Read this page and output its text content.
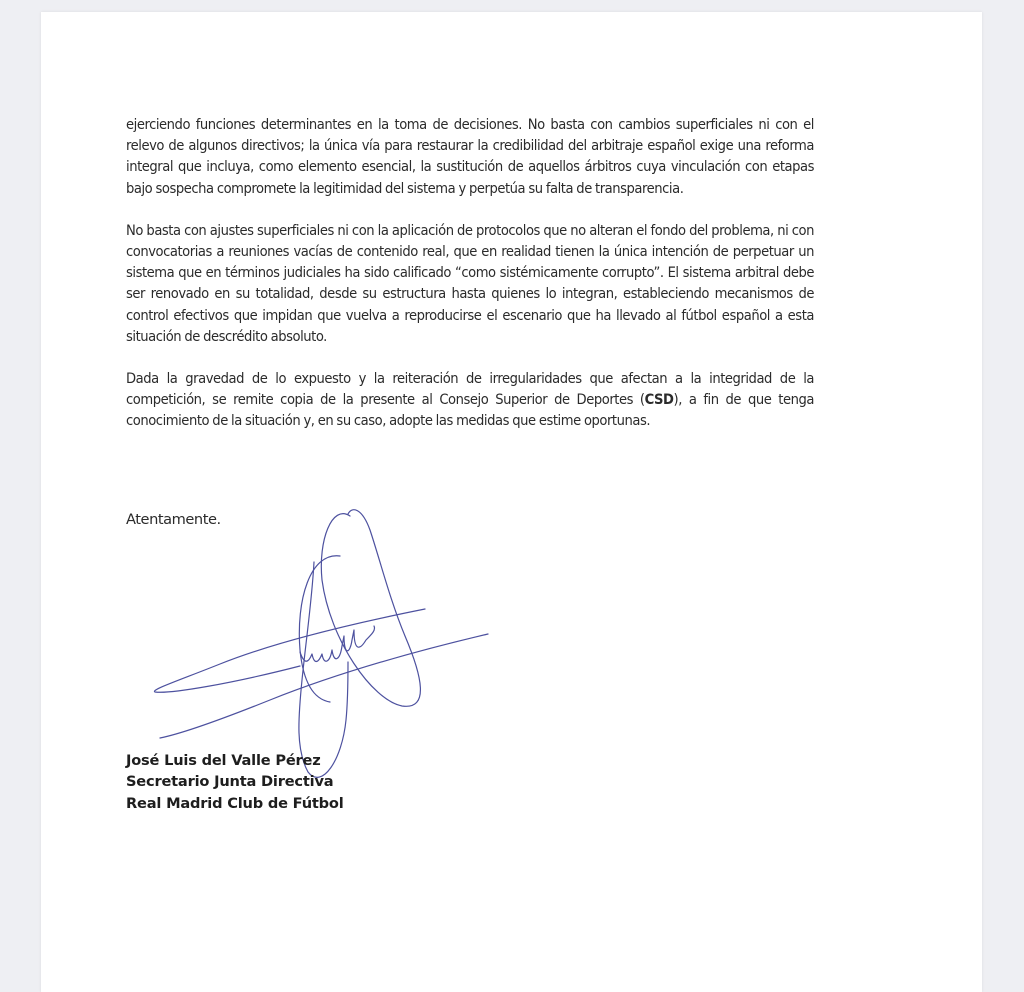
ejerciendo funciones determinantes en la toma de decisiones. No basta con cambios superficiales ni con el relevo de algunos directivos; la única vía para restaurar la credibilidad del arbitraje español exige una reforma integral que incluya, como elemento esencial, la sustitución de aquellos árbitros cuya vinculación con etapas bajo sospecha compromete la legitimidad del sistema y perpetúa su falta de transparencia.

No basta con ajustes superficiales ni con la aplicación de protocolos que no alteran el fondo del problema, ni con convocatorias a reuniones vacías de contenido real, que en realidad tienen la única intención de perpetuar un sistema que en términos judiciales ha sido calificado “como sistémicamente corrupto”. El sistema arbitral debe ser renovado en su totalidad, desde su estructura hasta quienes lo integran, estableciendo mecanismos de control efectivos que impidan que vuelva a reproducirse el escenario que ha llevado al fútbol español a esta situación de descrédito absoluto.

Dada la gravedad de lo expuesto y la reiteración de irregularidades que afectan a la integridad de la competición, se remite copia de la presente al Consejo Superior de Deportes (CSD), a fin de que tenga conocimiento de la situación y, en su caso, adopte las medidas que estime oportunas.

Atentamente.
José Luis del Valle Pérez
Secretario Junta Directiva
Real Madrid Club de Fútbol
